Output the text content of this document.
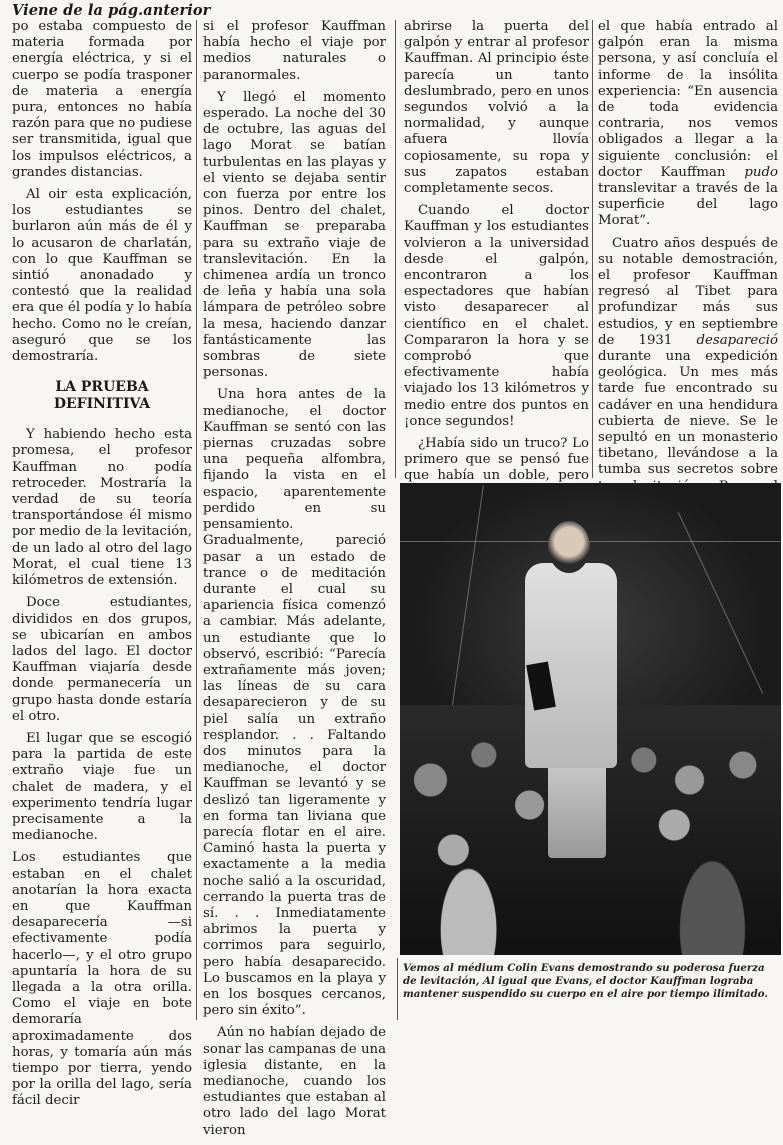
Viene de la pág.anterior

po estaba compuesto de materia formada por energía eléctrica, y si el cuerpo se podía trasponer de materia a energía pura, entonces no había razón para que no pudiese ser transmitida, igual que los impulsos eléctricos, a grandes distancias.

Al oir esta explicación, los estudiantes se burlaron aún más de él y lo acusaron de charlatán, con lo que Kauffman se sintió anonadado y contestó que la realidad era que él podía y lo había hecho. Como no le creían, aseguró que se los demostraría.

LA PRUEBA DEFINITIVA

Y habiendo hecho esta promesa, el profesor Kauffman no podía retroceder. Mostraría la verdad de su teoría transportándose él mismo por medio de la levitación, de un lado al otro del lago Morat, el cual tiene 13 kilómetros de extensión.

Doce estudiantes, divididos en dos grupos, se ubicarían en ambos lados del lago. El doctor Kauffman viajaría desde donde permanecería un grupo hasta donde estaría el otro.

El lugar que se escogió para la partida de este extraño viaje fue un chalet de madera, y el experimento tendría lugar precisamente a la medianoche.

Los estudiantes que estaban en el chalet anotarían la hora exacta en que Kauffman desaparecería —si efectivamente podía hacerlo—, y el otro grupo apuntaría la hora de su llegada a la otra orilla. Como el viaje en bote demoraría aproximadamente dos horas, y tomaría aún más tiempo por tierra, yendo por la orilla del lago, sería fácil decir

si el profesor Kauffman había hecho el viaje por medios naturales o paranormales.

Y llegó el momento esperado. La noche del 30 de octubre, las aguas del lago Morat se batían turbulentas en las playas y el viento se dejaba sentir con fuerza por entre los pinos. Dentro del chalet, Kauffman se preparaba para su extraño viaje de translevitación. En la chimenea ardía un tronco de leña y había una sola lámpara de petróleo sobre la mesa, haciendo danzar fantásticamente las sombras de siete personas.

Una hora antes de la medianoche, el doctor Kauffman se sentó con las piernas cruzadas sobre una pequeña alfombra, fijando la vista en el espacio, aparentemente perdido en su pensamiento. Gradualmente, pareció pasar a un estado de trance o de meditación durante el cual su apariencia física comenzó a cambiar. Más adelante, un estudiante que lo observó, escribió: “Parecía extrañamente más joven; las líneas de su cara desaparecieron y de su piel salía un extraño resplandor. . . Faltando dos minutos para la medianoche, el doctor Kauffman se levantó y se deslizó tan ligeramente y en forma tan liviana que parecía flotar en el aire. Caminó hasta la puerta y exactamente a la media noche salió a la oscuridad, cerrando la puerta tras de sí. . . Inmediatamente abrimos la puerta y corrimos para seguirlo, pero había desaparecido. Lo buscamos en la playa y en los bosques cercanos, pero sin éxito”.

Aún no habían dejado de sonar las campanas de una iglesia distante, en la medianoche, cuando los estudiantes que estaban al otro lado del lago Morat vieron

abrirse la puerta del galpón y entrar al profesor Kauffman. Al principio éste parecía un tanto deslumbrado, pero en unos segundos volvió a la normalidad, y aunque afuera llovía copiosamente, su ropa y sus zapatos estaban completamente secos.

Cuando el doctor Kauffman y los estudiantes volvieron a la universidad desde el galpón, encontraron a los espectadores que habían visto desaparecer al científico en el chalet. Compararon la hora y se comprobó que efectivamente había viajado los 13 kilómetros y medio entre dos puntos en ¡once segundos!

¿Había sido un truco? Lo primero que se pensó fue que había un doble, pero

el que había entrado al galpón eran la misma persona, y así concluía el informe de la insólita experiencia: “En ausencia de toda evidencia contraria, nos vemos obligados a llegar a la siguiente conclusión: el doctor Kauffman pudo translevitar a través de la superficie del lago Morat”.

Cuatro años después de su notable demostración, el profesor Kauffman regresó al Tibet para profundizar más sus estudios, y en septiembre de 1931 desapareció durante una expedición geológica. Un mes más tarde fue encontrado su cadáver en una hendidura cubierta de nieve. Se le sepultó en un monasterio tibetano, llevándose a la tumba sus secretos sobre

Vemos al médium Colin Evans demostrando su poderosa fuerza de levitación, Al igual que Evans, el doctor Kauffman lograba mantener suspendido su cuerpo en el aire por tiempo ilimitado.
